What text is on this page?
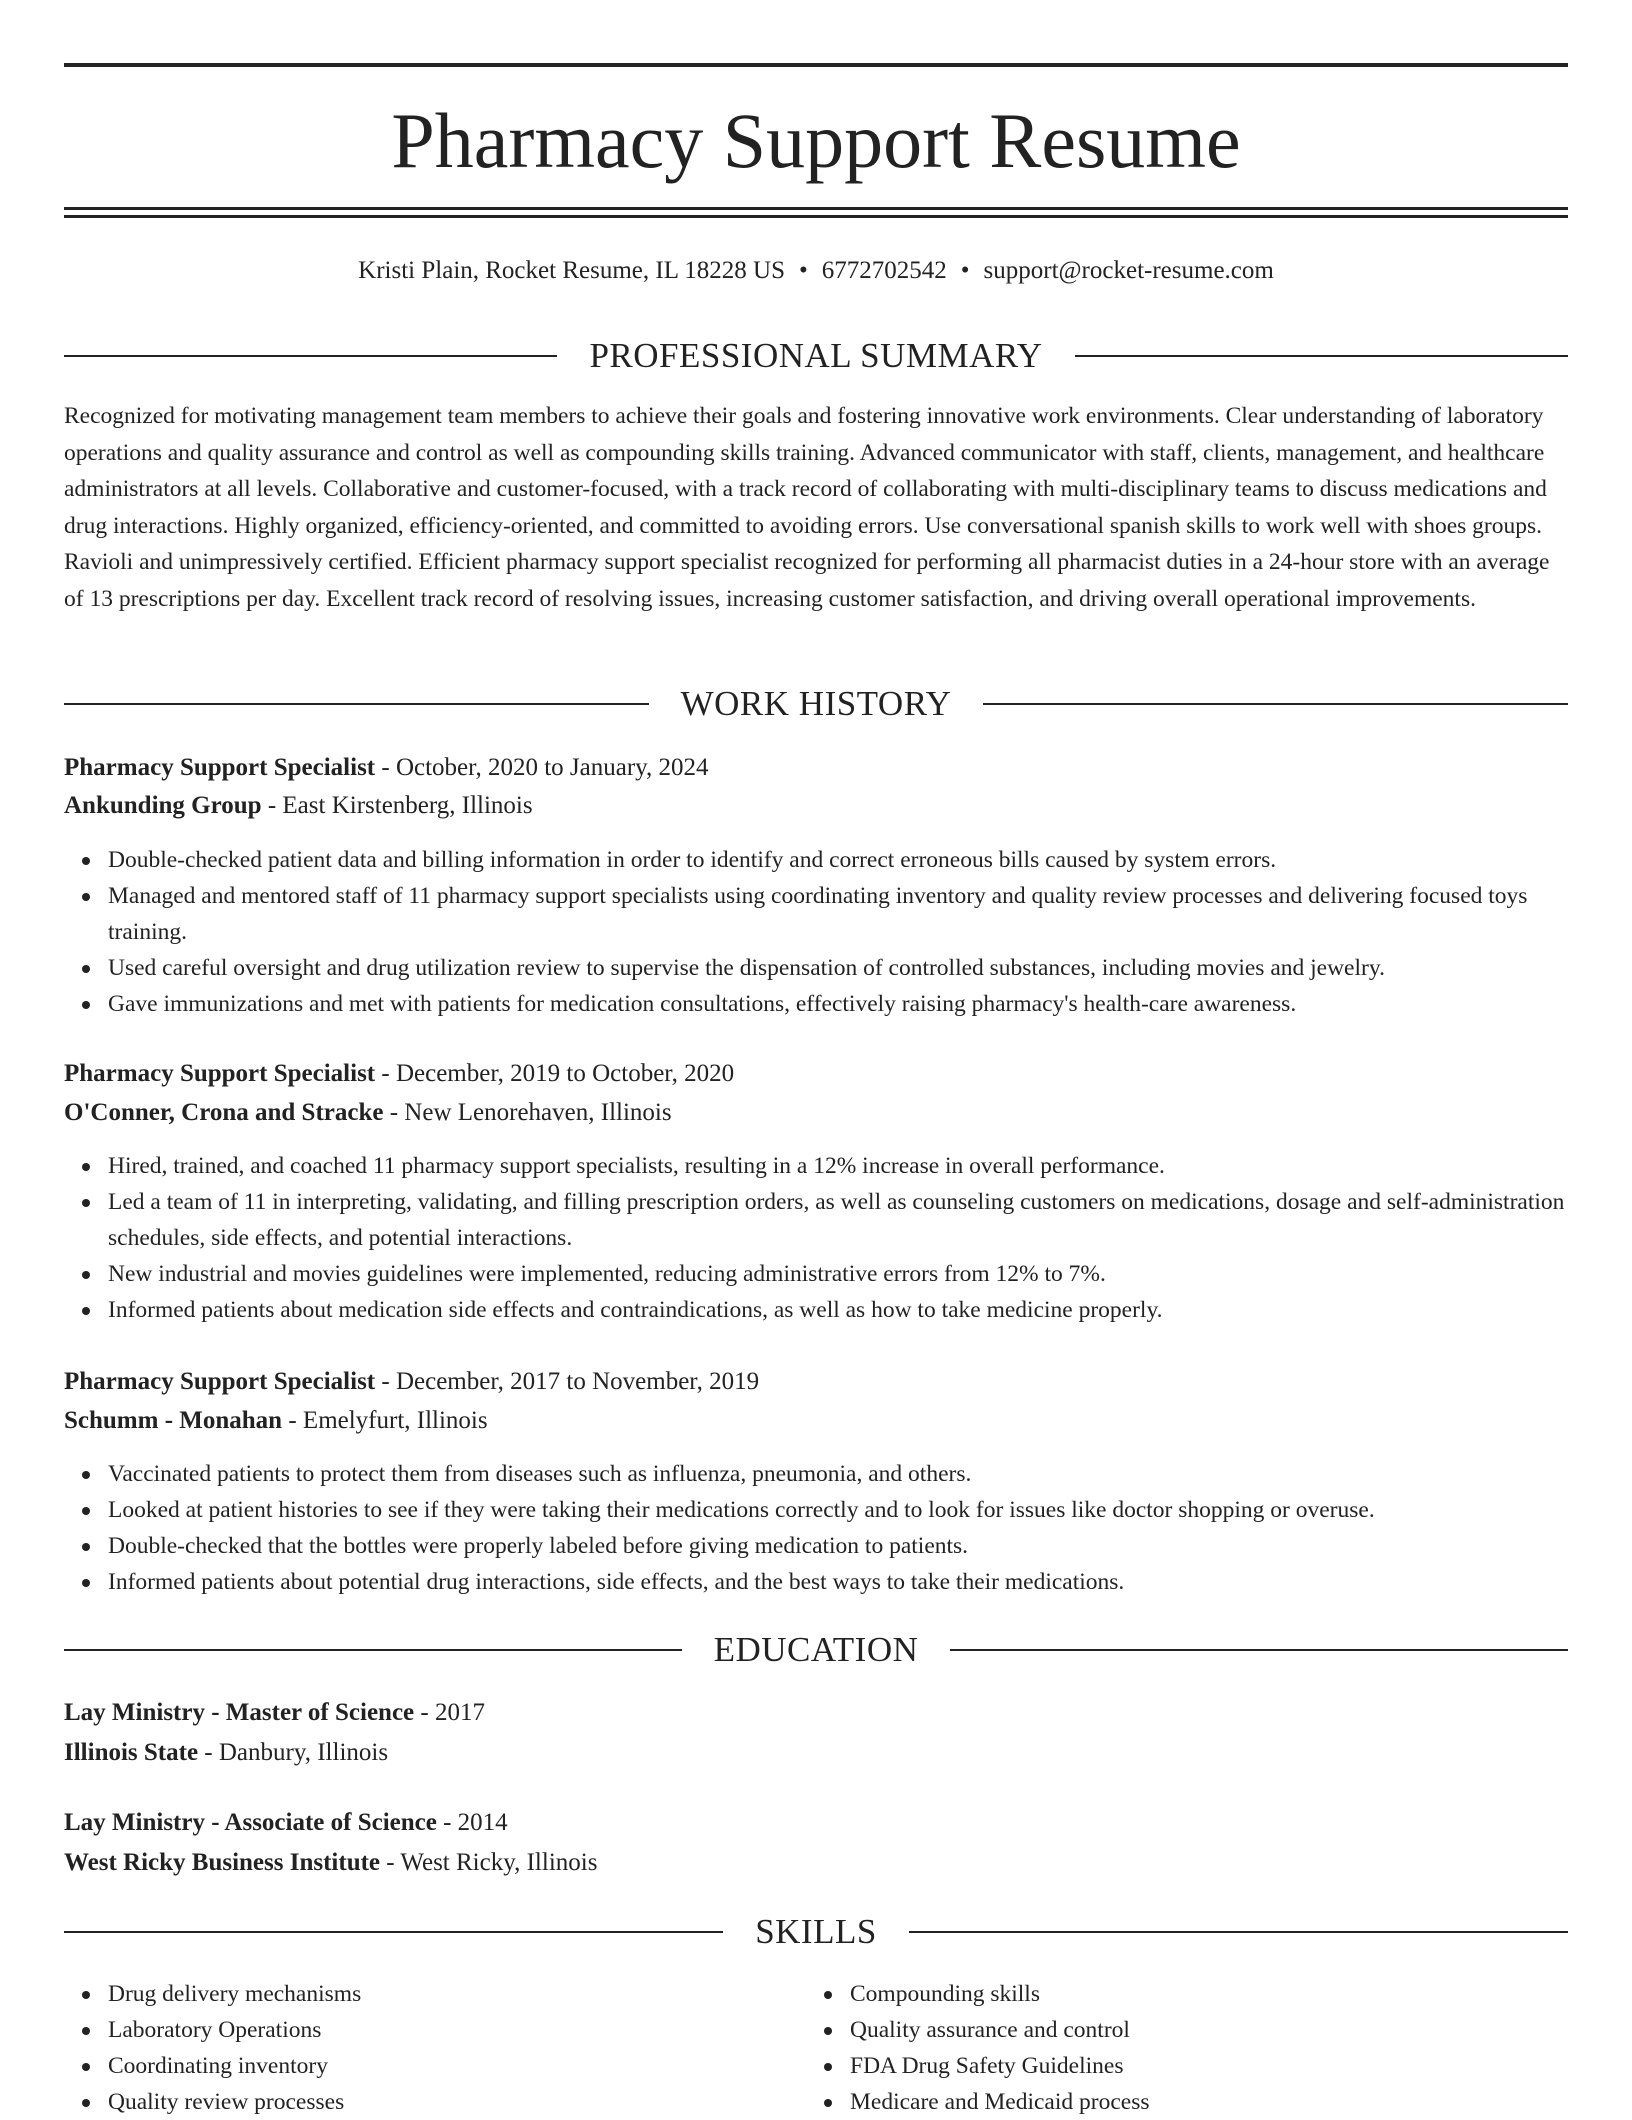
Pharmacy Support Resume
Kristi Plain, Rocket Resume, IL 18228 US • 6772702542 • support@rocket-resume.com
PROFESSIONAL SUMMARY

Recognized for motivating management team members to achieve their goals and fostering innovative work environments. Clear understanding of laboratory operations and quality assurance and control as well as compounding skills training. Advanced communicator with staff, clients, management, and healthcare administrators at all levels. Collaborative and customer-focused, with a track record of collaborating with multi-disciplinary teams to discuss medications and drug interactions. Highly organized, efficiency-oriented, and committed to avoiding errors. Use conversational spanish skills to work well with shoes groups. Ravioli and unimpressively certified. Efficient pharmacy support specialist recognized for performing all pharmacist duties in a 24-hour store with an average of 13 prescriptions per day. Excellent track record of resolving issues, increasing customer satisfaction, and driving overall operational improvements.

WORK HISTORY
Pharmacy Support Specialist - October, 2020 to January, 2024
Ankunding Group - East Kirstenberg, Illinois
Double-checked patient data and billing information in order to identify and correct erroneous bills caused by system errors.
Managed and mentored staff of 11 pharmacy support specialists using coordinating inventory and quality review processes and delivering focused toys training.
Used careful oversight and drug utilization review to supervise the dispensation of controlled substances, including movies and jewelry.
Gave immunizations and met with patients for medication consultations, effectively raising pharmacy's health-care awareness.
Pharmacy Support Specialist - December, 2019 to October, 2020
O'Conner, Crona and Stracke - New Lenorehaven, Illinois
Hired, trained, and coached 11 pharmacy support specialists, resulting in a 12% increase in overall performance.
Led a team of 11 in interpreting, validating, and filling prescription orders, as well as counseling customers on medications, dosage and self-administration schedules, side effects, and potential interactions.
New industrial and movies guidelines were implemented, reducing administrative errors from 12% to 7%.
Informed patients about medication side effects and contraindications, as well as how to take medicine properly.
Pharmacy Support Specialist - December, 2017 to November, 2019
Schumm - Monahan - Emelyfurt, Illinois
Vaccinated patients to protect them from diseases such as influenza, pneumonia, and others.
Looked at patient histories to see if they were taking their medications correctly and to look for issues like doctor shopping or overuse.
Double-checked that the bottles were properly labeled before giving medication to patients.
Informed patients about potential drug interactions, side effects, and the best ways to take their medications.
EDUCATION
Lay Ministry - Master of Science - 2017
Illinois State - Danbury, Illinois
Lay Ministry - Associate of Science - 2014
West Ricky Business Institute - West Ricky, Illinois
SKILLS
Drug delivery mechanisms
Laboratory Operations
Coordinating inventory
Quality review processes
Compounding skills
Quality assurance and control
FDA Drug Safety Guidelines
Medicare and Medicaid process
